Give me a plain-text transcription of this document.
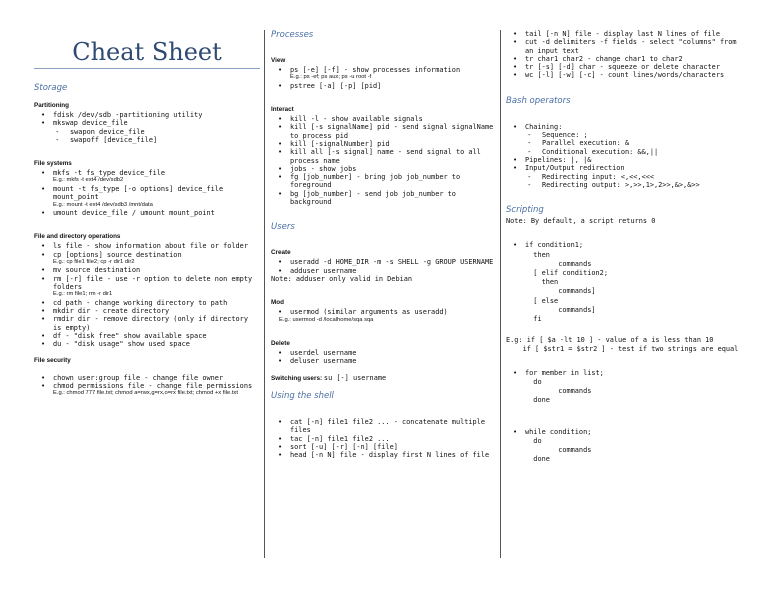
Cheat Sheet
Storage
Partitioning
• fdisk /dev/sdb -partitioning utility
• mkswap device_file
- swapon device_file
- swapoff [device_file]
File systems
• mkfs -t fs_type device_file
E.g.: mkfs -t ext4 /dev/sdb2
• mount -t fs_type [-o options] device_file mount_point
E.g.: mount -t ext4 /dev/sdb3 /mnt/data
• umount device_file / umount mount_point
File and directory operations
• ls file - show information about file or folder
• cp [options] source destination
E.g.: cp file1 file2; cp -r dir1 dir2
• mv source destination
• rm [-r] file - use -r option to delete non empty folders
E.g.: rm file1; rm -r dir1
• cd path - change working directory to path
• mkdir dir - create directory
• rmdir dir - remove directory (only if directory is empty)
• df - "disk free" show available space
• du - "disk usage" show used space
File security
• chown user:group file - change file owner
• chmod permissions file - change file permissions
E.g.: chmod 777 file.txt; chmod a=rwx,g=rx,o=rx file.txt; chmod +x file.txt
Processes
View
• ps [-e] [-f] - show processes information
E.g.: ps -ef; ps aux; ps -u root -f
• pstree [-a] [-p] [pid]
Interact
• kill -l - show available signals
• kill [-s signalName] pid - send signal signalName to process pid
• kill [-signalNumber] pid
• kill all [-s signal] name - send signal to all process name
• jobs - show jobs
• fg [job_number] - bring job job_number to foreground
• bg [job_number] - send job job_number to background
Users
Create
• useradd -d HOME_DIR -m -s SHELL -g GROUP USERNAME
• adduser username
Note: adduser only valid in Debian
Mod
• usermod (similar arguments as useradd)
E.g.: usermod -d /localhome/sqa sqa
Delete
• userdel username
• deluser username
Switching users: su [-] username
Using the shell
• cat [-n] file1 file2 ... - concatenate multiple files
• tac [-n] file1 file2 ...
• sort [-u] [-r] [-n] [file]
• head [-n N] file - display first N lines of file
• tail [-n N] file - display last N lines of file
• cut -d delimiters -f fields - select "columns" from an input text
• tr char1 char2 - change char1 to char2
• tr [-s] [-d] char - squeeze or delete character
• wc [-l] [-w] [-c] - count lines/words/characters
Bash operators
• Chaining:
- Sequence: ;
- Parallel execution: &
- Conditional execution: &&,||
• Pipelines: |, |&
• Input/Output redirection
- Redirecting input: <,<<,<<<
- Redirecting output: >,>>,1>,2>>,&>,&>>
Scripting
Note: By default, a script returns 0
• if condition1;
then
commands
[ elif condition2;
then
commands]
[ else
commands]
fi
E.g: if [ $a -lt 10 ] - value of a is less than 10
if [ $str1 = $str2 ] - test if two strings are equal
• for member in list;
do
commands
done
• while condition;
do
commands
done
